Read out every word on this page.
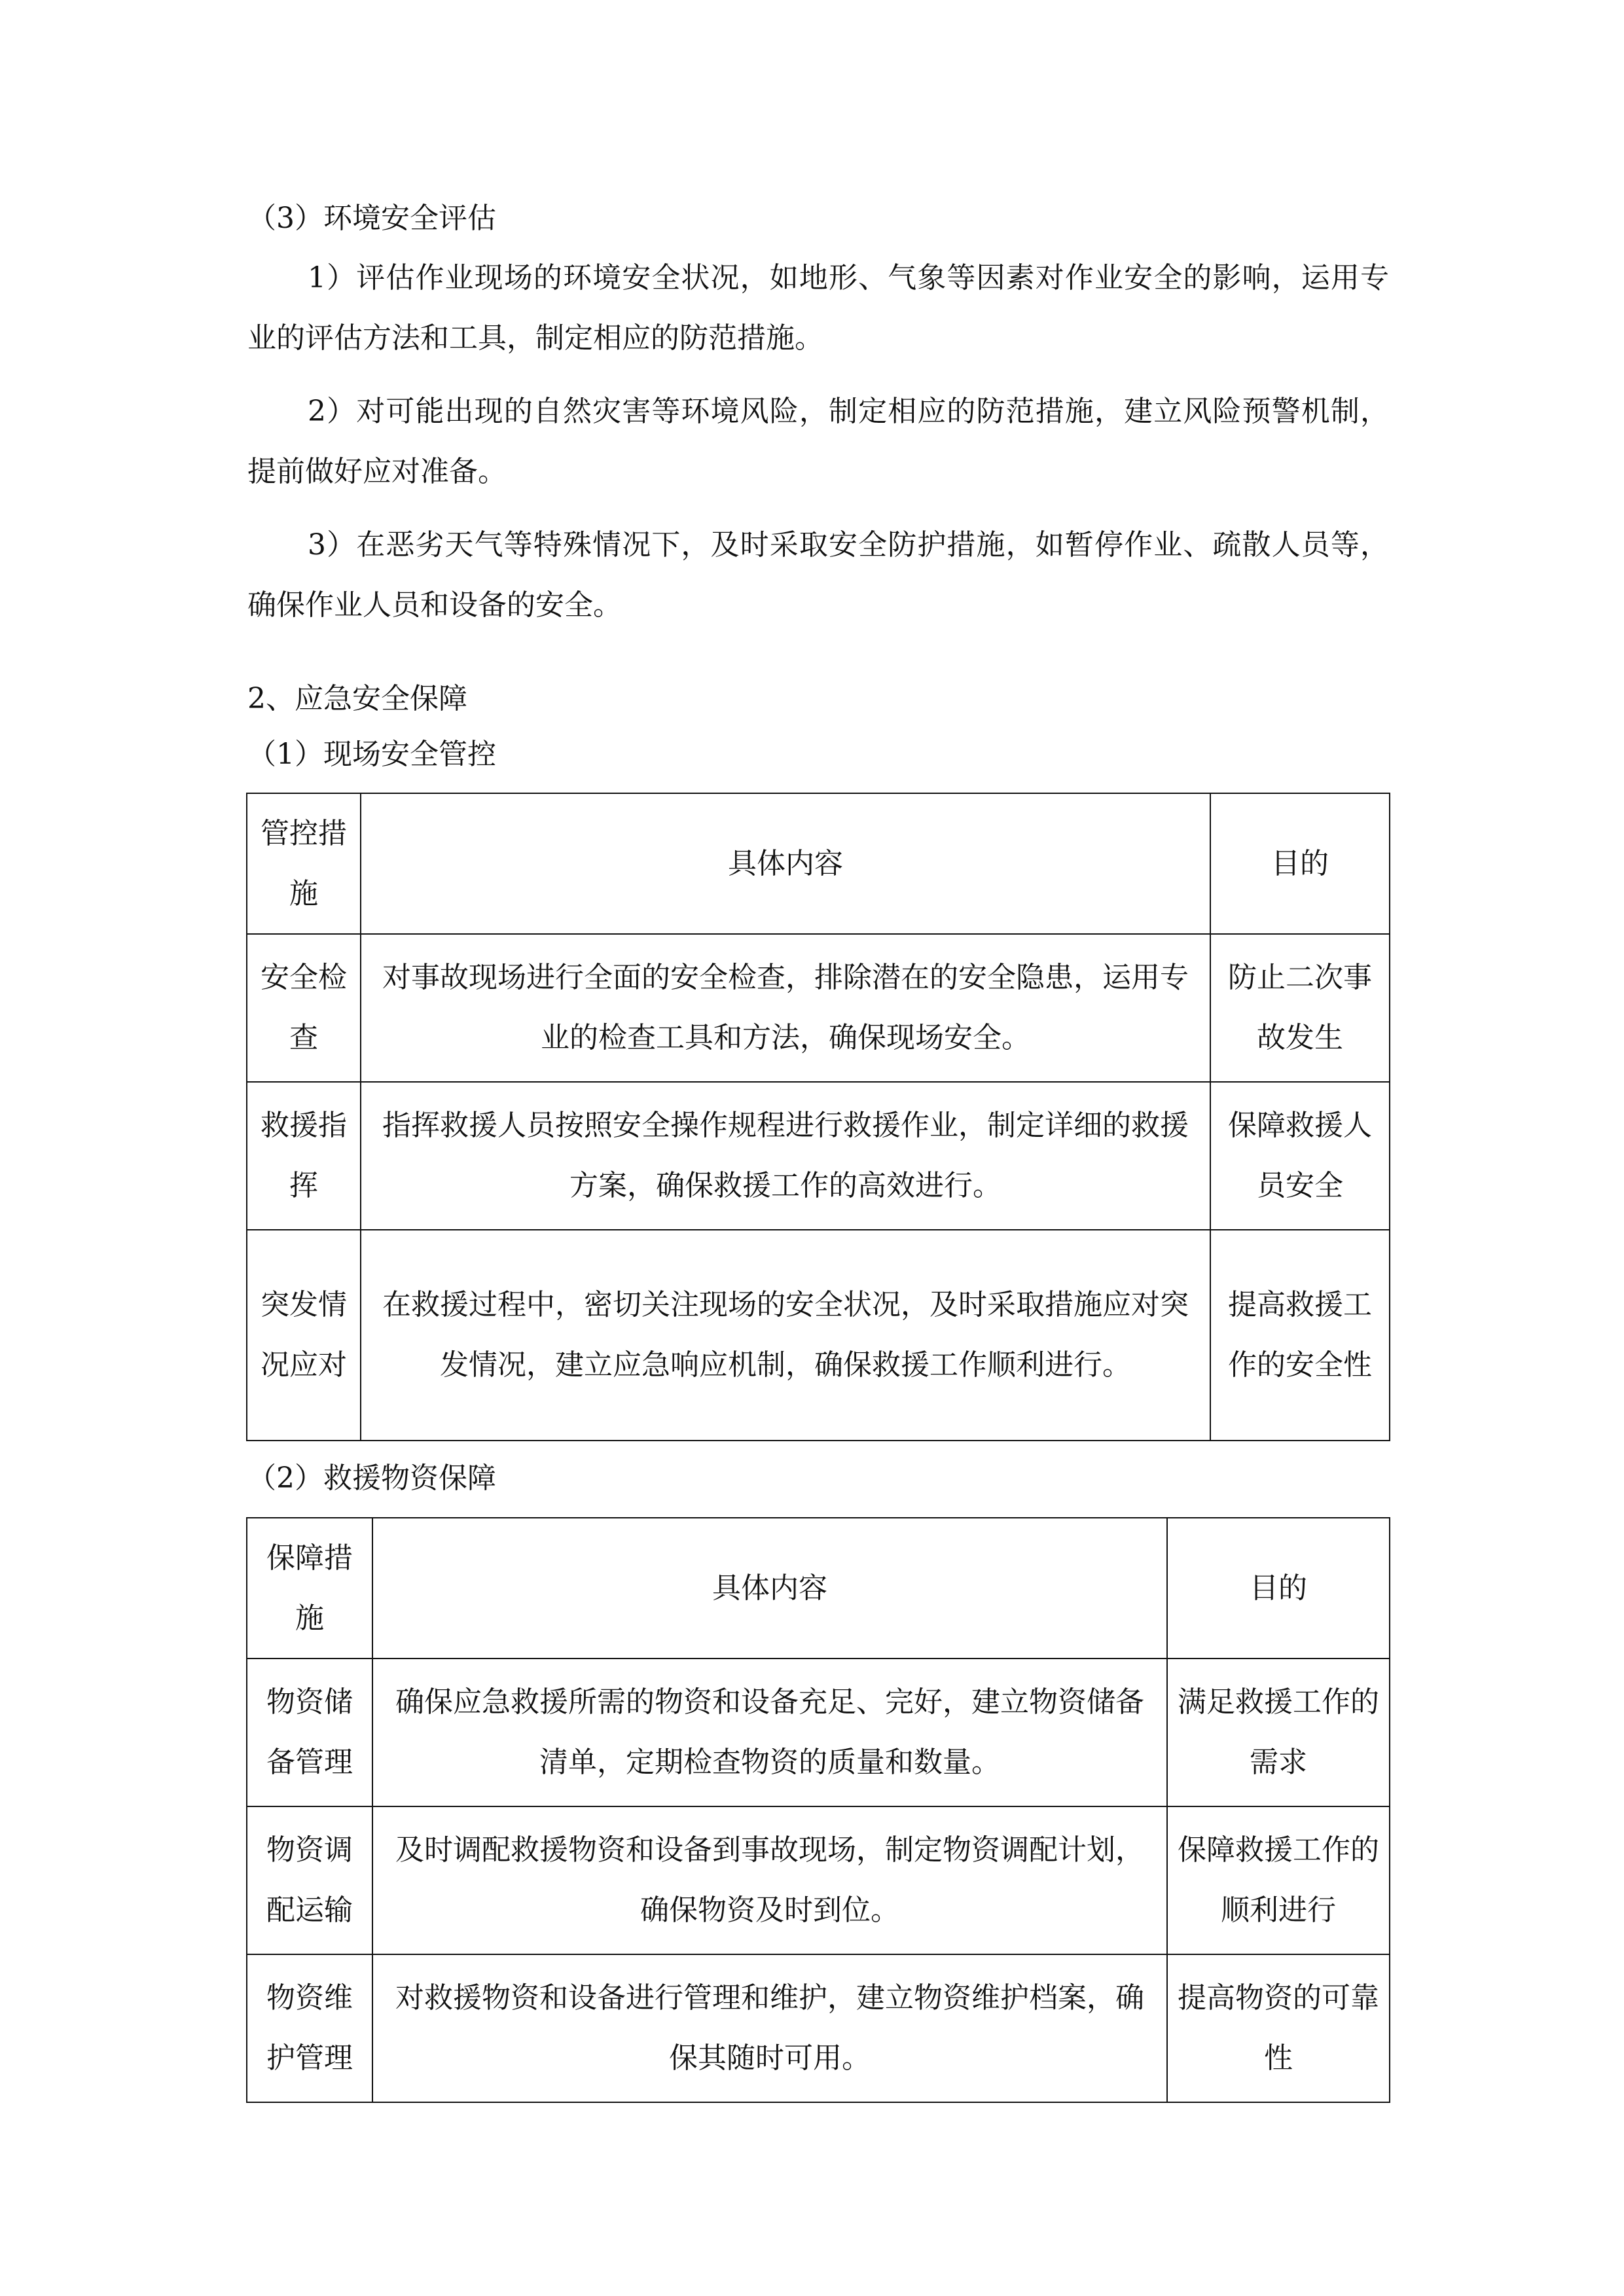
（3）环境安全评估
1）评估作业现场的环境安全状况，如地形、气象等因素对作业安全的影响，运用专业的评估方法和工具，制定相应的防范措施。
2）对可能出现的自然灾害等环境风险，制定相应的防范措施，建立风险预警机制，提前做好应对准备。
3）在恶劣天气等特殊情况下，及时采取安全防护措施，如暂停作业、疏散人员等，确保作业人员和设备的安全。
2、应急安全保障
（1）现场安全管控
管控措施	具体内容	目的
安全检查	对事故现场进行全面的安全检查，排除潜在的安全隐患，运用专业的检查工具和方法，确保现场安全。	防止二次事故发生
救援指挥	指挥救援人员按照安全操作规程进行救援作业，制定详细的救援方案，确保救援工作的高效进行。	保障救援人员安全
突发情况应对	在救援过程中，密切关注现场的安全状况，及时采取措施应对突发情况，建立应急响应机制，确保救援工作顺利进行。	提高救援工作的安全性
（2）救援物资保障
保障措施	具体内容	目的
物资储备管理	确保应急救援所需的物资和设备充足、完好，建立物资储备清单，定期检查物资的质量和数量。	满足救援工作的需求
物资调配运输	及时调配救援物资和设备到事故现场，制定物资调配计划，确保物资及时到位。	保障救援工作的顺利进行
物资维护管理	对救援物资和设备进行管理和维护，建立物资维护档案，确保其随时可用。	提高物资的可靠性
